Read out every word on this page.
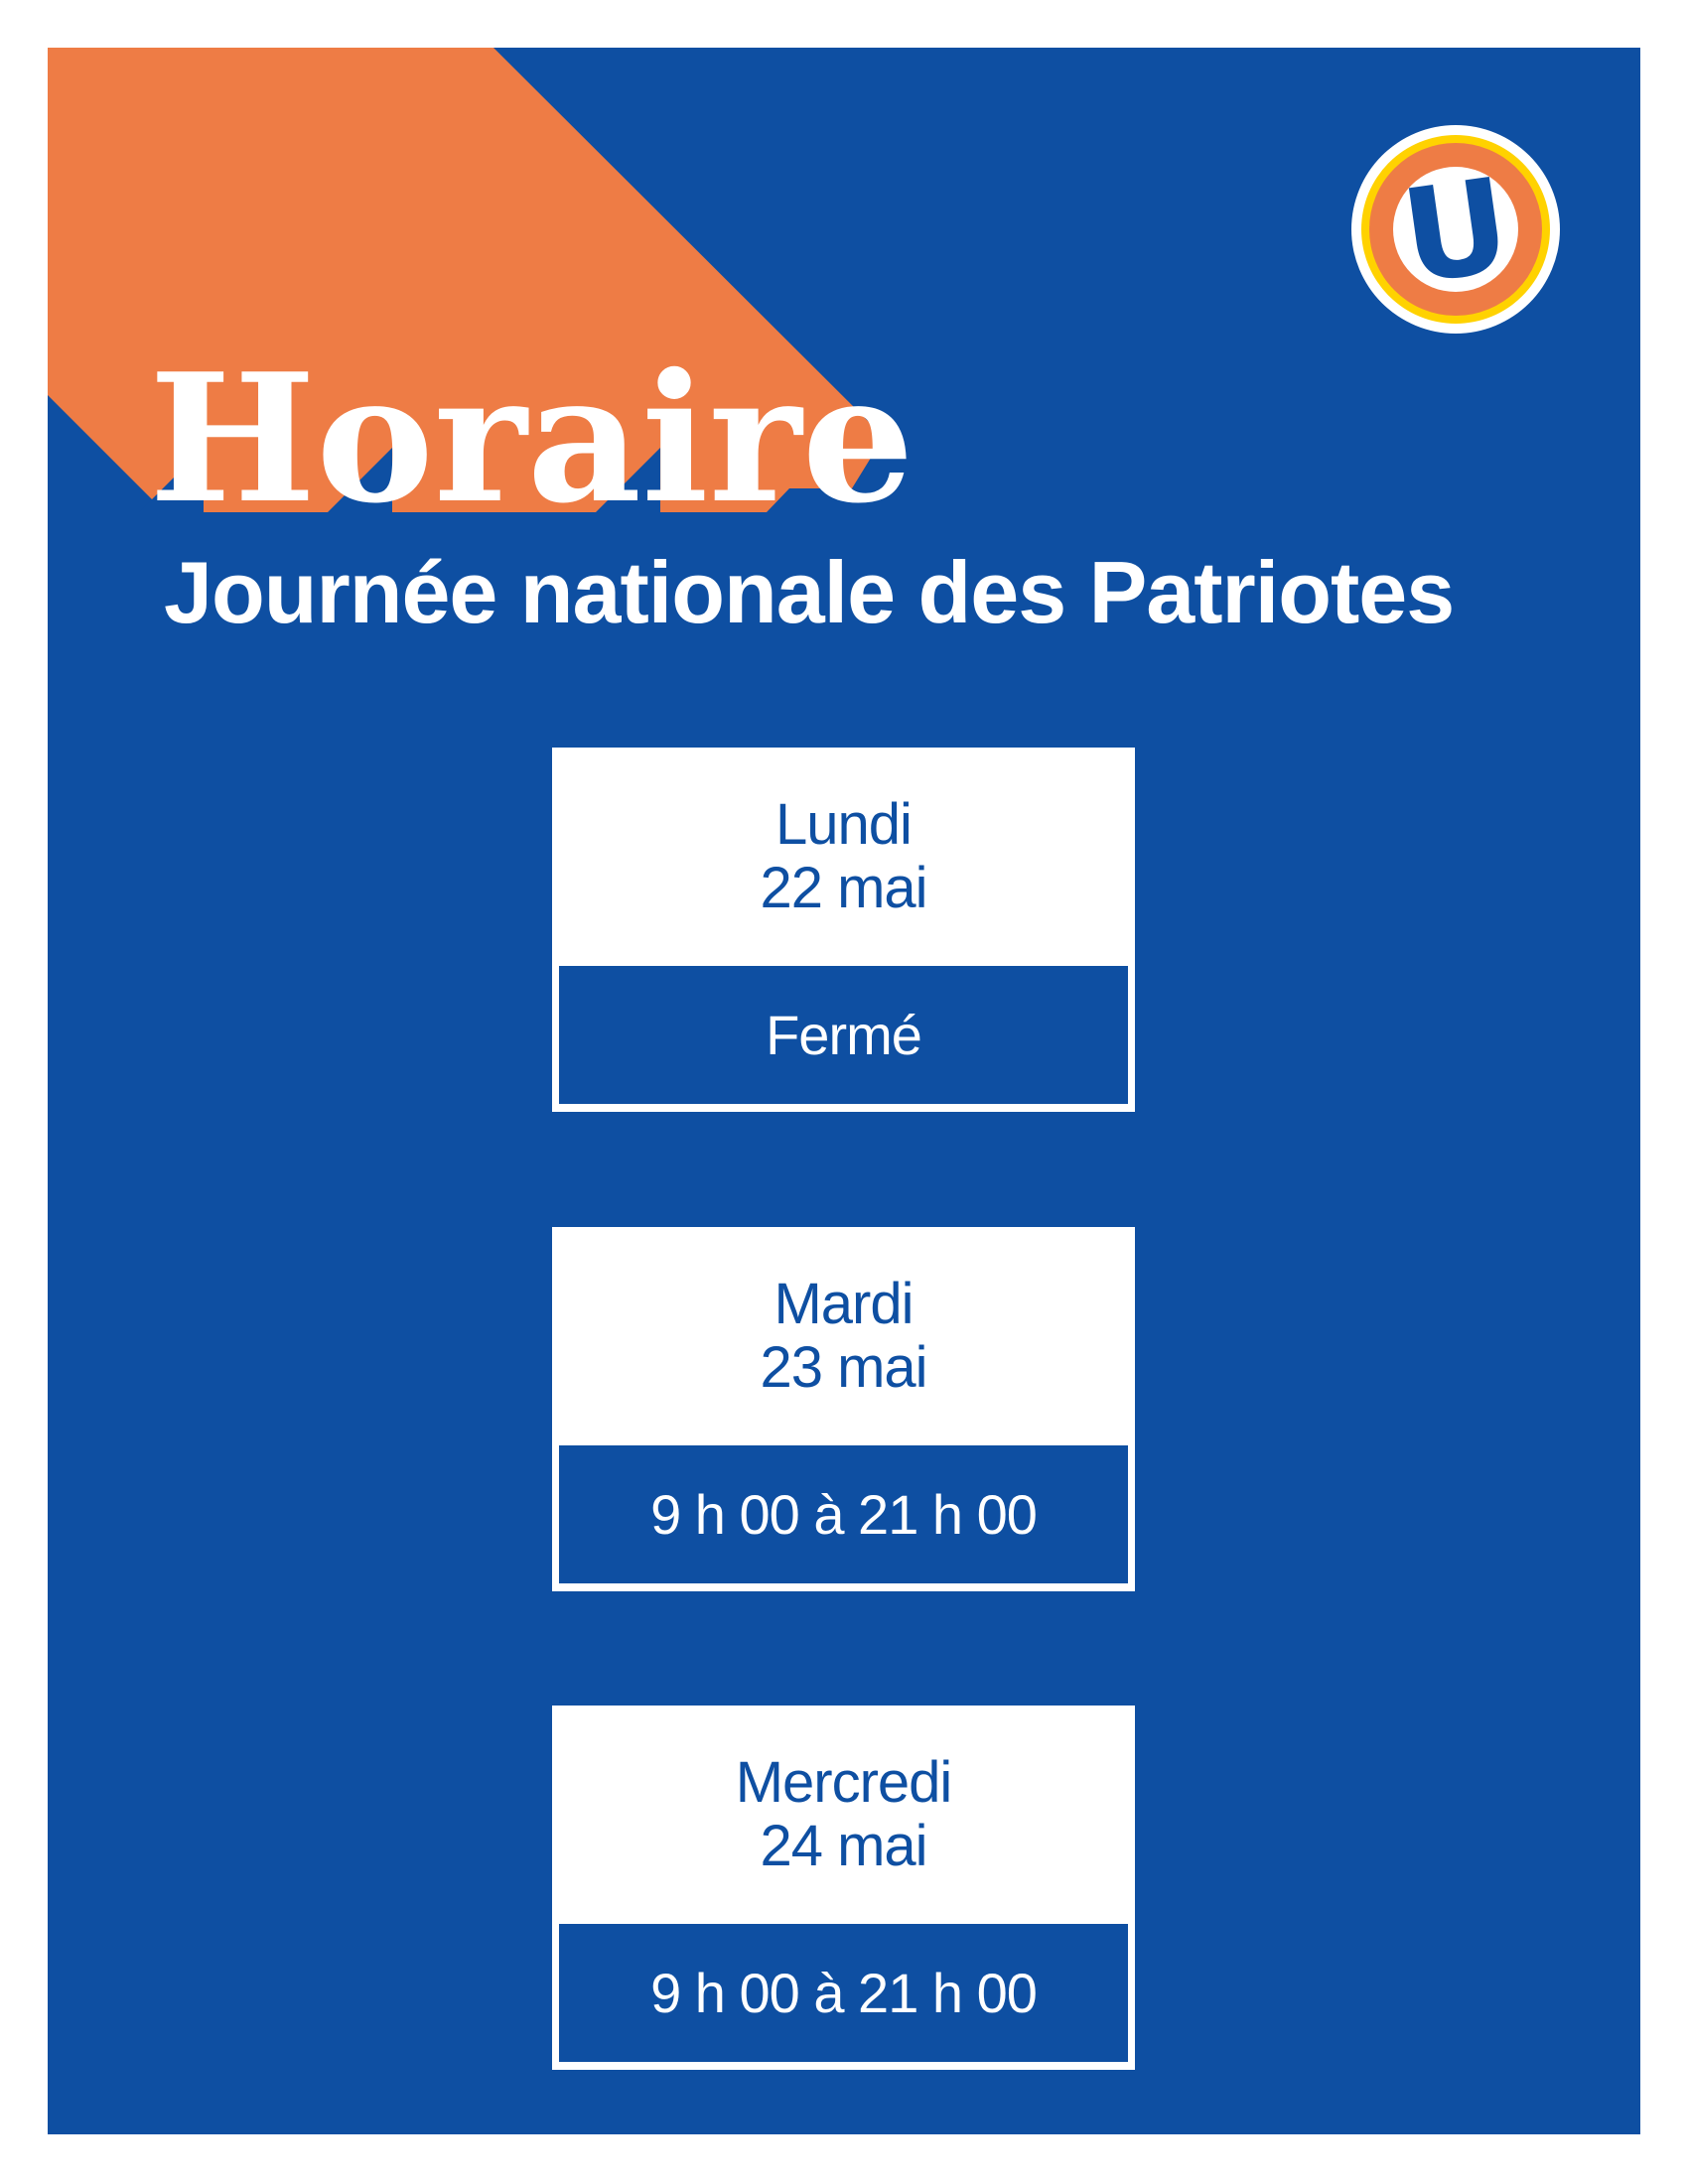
U
Horaire
Journée nationale des Patriotes
Lundi
22 mai
Fermé
Mardi
23 mai
9 h 00 à 21 h 00
Mercredi
24 mai
9 h 00 à 21 h 00
